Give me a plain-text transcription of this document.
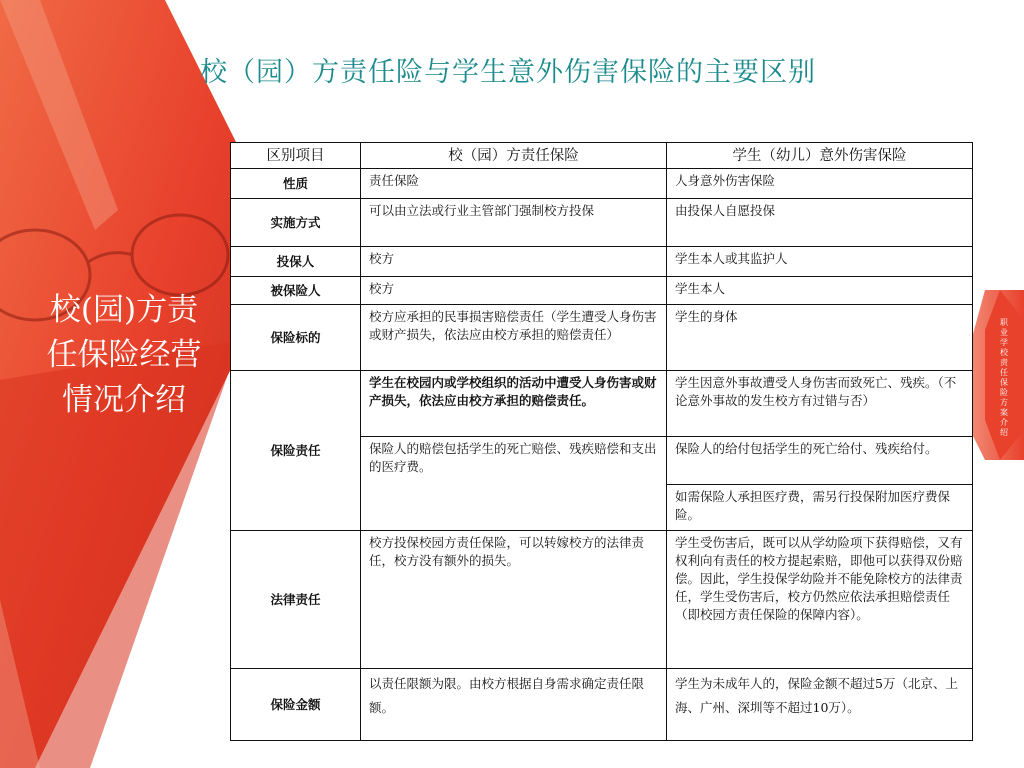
校（园）方责任险与学生意外伤害保险的主要区别
校(园)方责
任保险经营
情况介绍
职业学校责任保险方案介绍
区别项目	校（园）方责任保险	学生（幼儿）意外伤害保险
性质	责任保险	人身意外伤害保险
实施方式	可以由立法或行业主管部门强制校方投保	由投保人自愿投保
投保人	校方	学生本人或其监护人
被保险人	校方	学生本人
保险标的	校方应承担的民事损害赔偿责任（学生遭受人身伤害或财产损失，依法应由校方承担的赔偿责任）	学生的身体
保险责任	学生在校园内或学校组织的活动中遭受人身伤害或财产损失，依法应由校方承担的赔偿责任。	学生因意外事故遭受人身伤害而致死亡、残疾。（不论意外事故的发生校方有过错与否）
	保险人的赔偿包括学生的死亡赔偿、残疾赔偿和支出的医疗费。	保险人的给付包括学生的死亡给付、残疾给付。
		如需保险人承担医疗费，需另行投保附加医疗费保险。
法律责任	校方投保校园方责任保险，可以转嫁校方的法律责任，校方没有额外的损失。	学生受伤害后，既可以从学幼险项下获得赔偿，又有权利向有责任的校方提起索赔，即他可以获得双份赔偿。因此，学生投保学幼险并不能免除校方的法律责任，学生受伤害后，校方仍然应依法承担赔偿责任（即校园方责任保险的保障内容）。
保险金额	以责任限额为限。由校方根据自身需求确定责任限额。	学生为未成年人的，保险金额不超过5万（北京、上海、广州、深圳等不超过10万）。
